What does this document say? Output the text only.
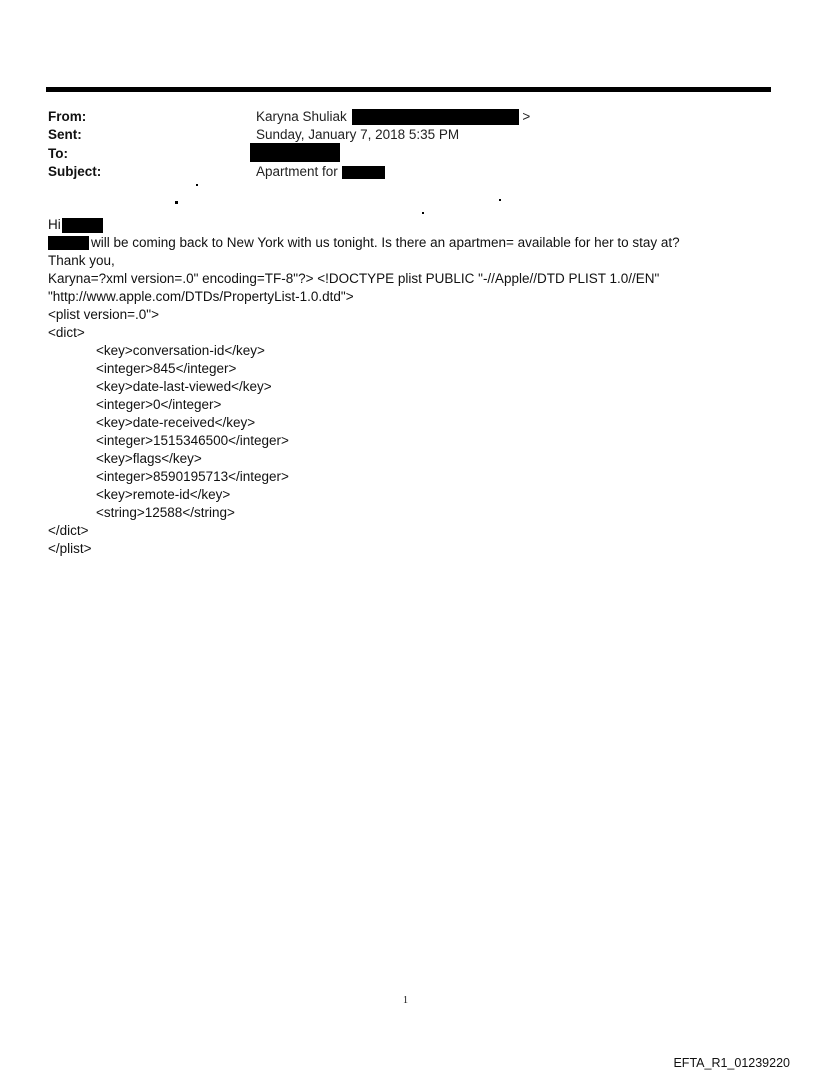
From:	Karyna Shuliak	>
Sent:	Sunday, January 7, 2018 5:35 PM
To:
Subject:	Apartment for
Hi
will be coming back to New York with us tonight. Is there an apartmen= available for her to stay at?
Thank you,
Karyna=?xml version=.0" encoding=TF-8"?> <!DOCTYPE plist PUBLIC "-//Apple//DTD PLIST 1.0//EN"
"http://www.apple.com/DTDs/PropertyList-1.0.dtd">
<plist version=.0">
<dict>
<key>conversation-id</key>
<integer>845</integer>
<key>date-last-viewed</key>
<integer>0</integer>
<key>date-received</key>
<integer>1515346500</integer>
<key>flags</key>
<integer>8590195713</integer>
<key>remote-id</key>
<string>12588</string>
</dict>
</plist>
1
EFTA_R1_01239220
